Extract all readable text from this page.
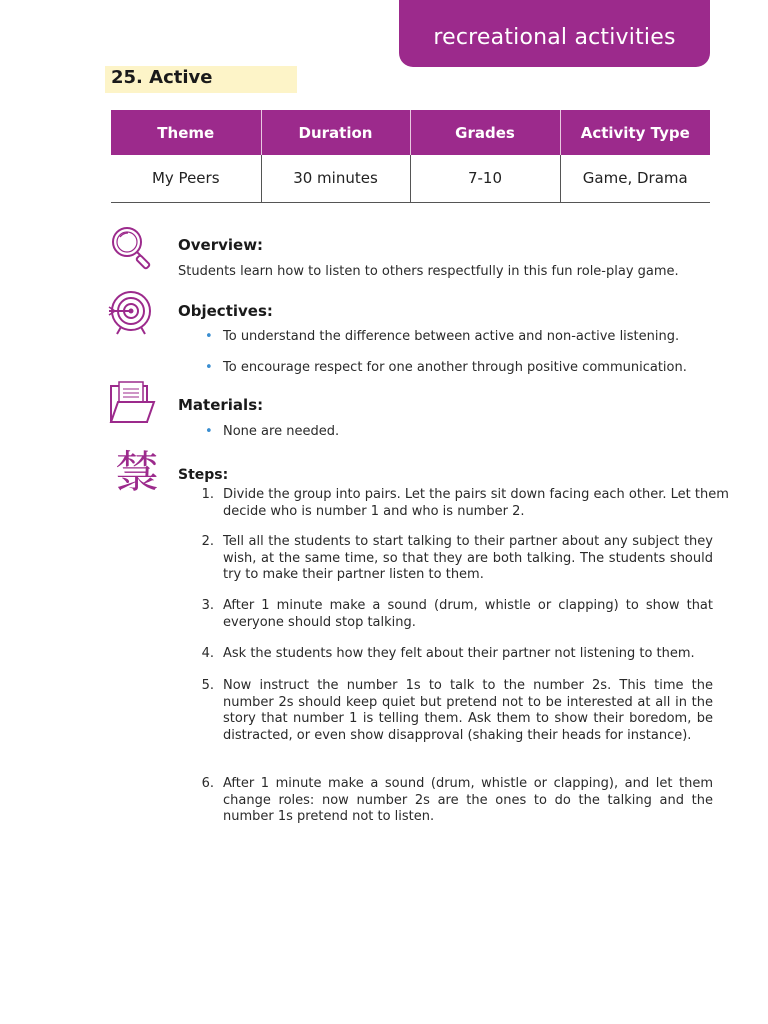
recreational activities
25. Active
Theme	Duration	Grades	Activity Type
My Peers	30 minutes	7-10	Game, Drama
Overview:
Students learn how to listen to others respectfully in this fun role-play game.
Objectives:
• To understand the difference between active and non-active listening.
• To encourage respect for one another through positive communication.
Materials:
• None are needed.
㯟 Steps:
1. Divide the group into pairs. Let the pairs sit down facing each other. Let them decide who is number 1 and who is number 2.
2. Tell all the students to start talking to their partner about any subject they wish, at the same time, so that they are both talking. The students should try to make their partner listen to them.
3. After 1 minute make a sound (drum, whistle or clapping) to show that everyone should stop talking.
4. Ask the students how they felt about their partner not listening to them.
5. Now instruct the number 1s to talk to the number 2s. This time the number 2s should keep quiet but pretend not to be interested at all in the story that number 1 is telling them. Ask them to show their boredom, be distracted, or even show disapproval (shaking their heads for instance).
6. After 1 minute make a sound (drum, whistle or clapping), and let them change roles: now number 2s are the ones to do the talking and the number 1s pretend not to listen.
